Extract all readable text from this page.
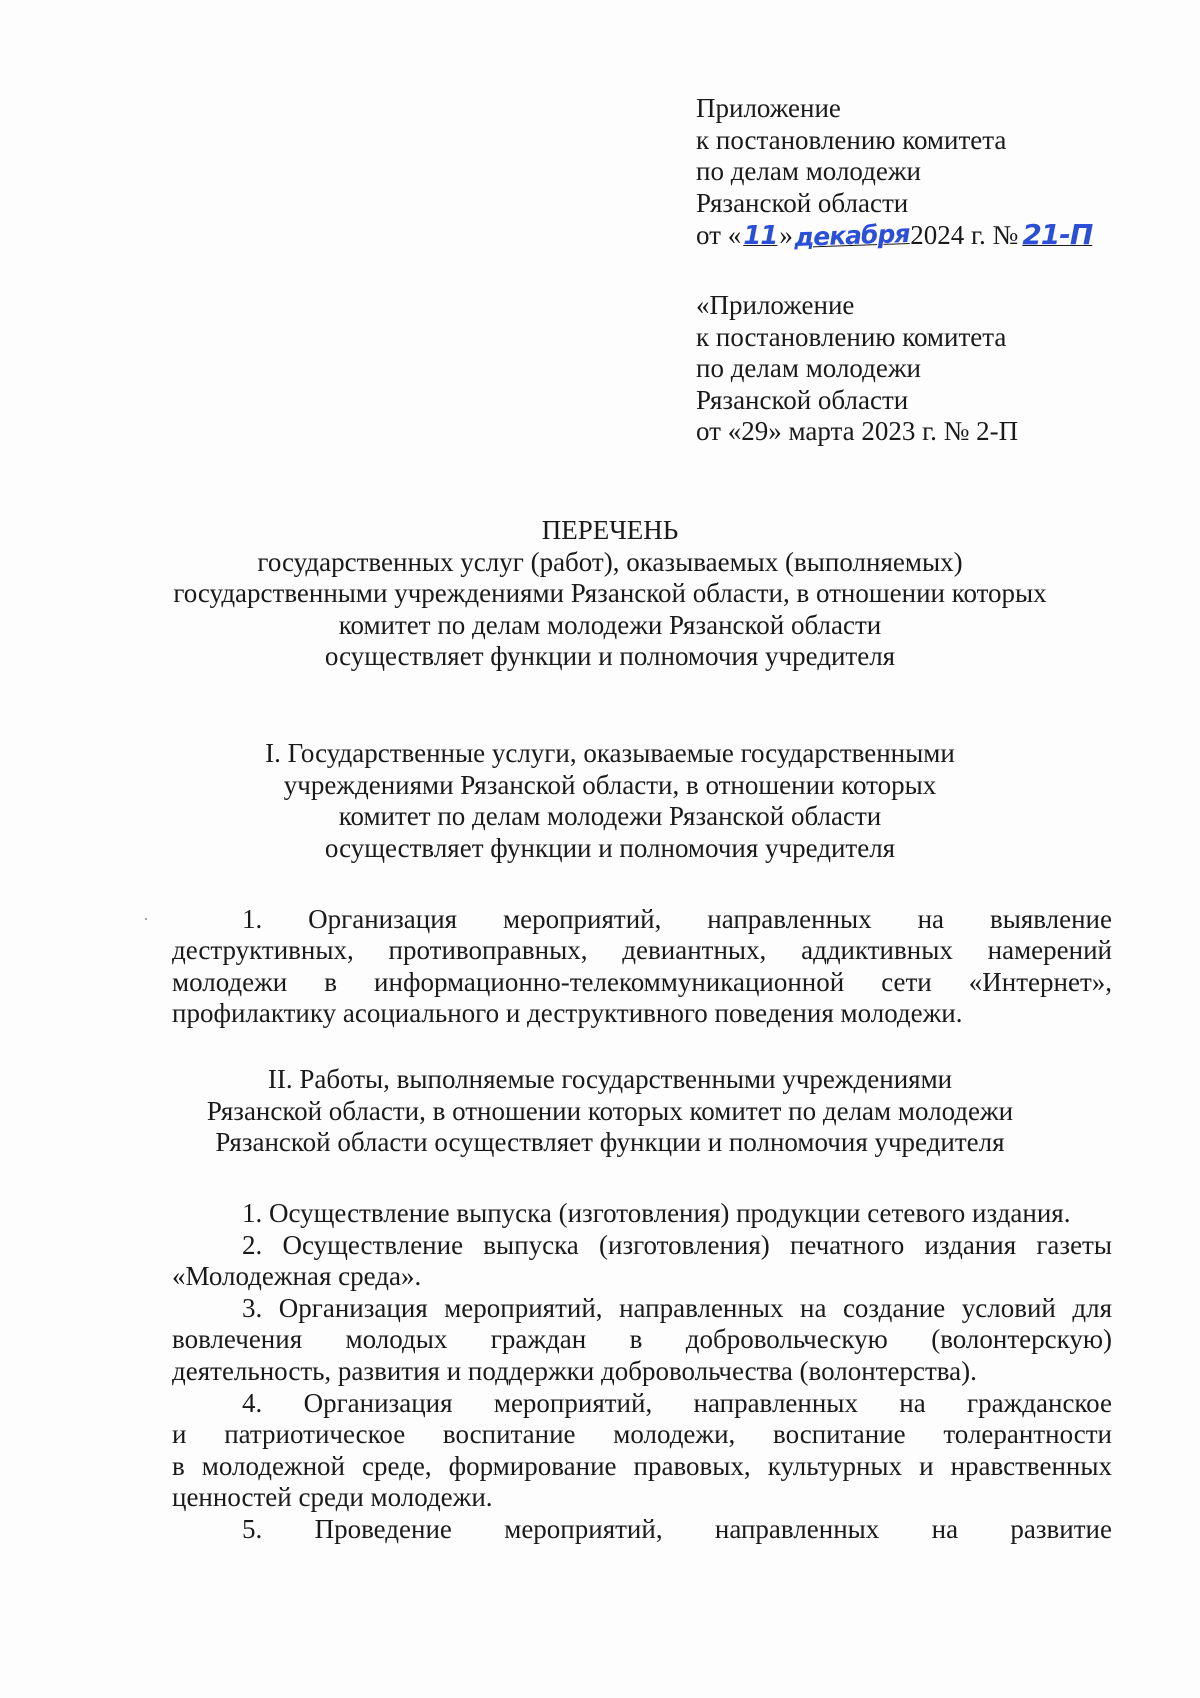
Приложение
к постановлению комитета
по делам молодежи
Рязанской области
от «11»декабря2024 г. № 21-П
«Приложение
к постановлению комитета
по делам молодежи
Рязанской области
от «29» марта 2023 г. № 2-П
ПЕРЕЧЕНЬ
государственных услуг (работ), оказываемых (выполняемых)
государственными учреждениями Рязанской области, в отношении которых
комитет по делам молодежи Рязанской области
осуществляет функции и полномочия учредителя
I. Государственные услуги, оказываемые государственными
учреждениями Рязанской области, в отношении которых
комитет по делам молодежи Рязанской области
осуществляет функции и полномочия учредителя
1. Организация мероприятий, направленных на выявление
деструктивных, противоправных, девиантных, аддиктивных намерений
молодежи в информационно-телекоммуникационной сети «Интернет»,
профилактику асоциального и деструктивного поведения молодежи.
II. Работы, выполняемые государственными учреждениями
Рязанской области, в отношении которых комитет по делам молодежи
Рязанской области осуществляет функции и полномочия учредителя
1. Осуществление выпуска (изготовления) продукции сетевого издания.
2. Осуществление выпуска (изготовления) печатного издания газеты
«Молодежная среда».
3. Организация мероприятий, направленных на создание условий для
вовлечения молодых граждан в добровольческую (волонтерскую)
деятельность, развития и поддержки добровольчества (волонтерства).
4. Организация мероприятий, направленных на гражданское
и патриотическое воспитание молодежи, воспитание толерантности
в молодежной среде, формирование правовых, культурных и нравственных
ценностей среди молодежи.
5. Проведение мероприятий, направленных на развитие
